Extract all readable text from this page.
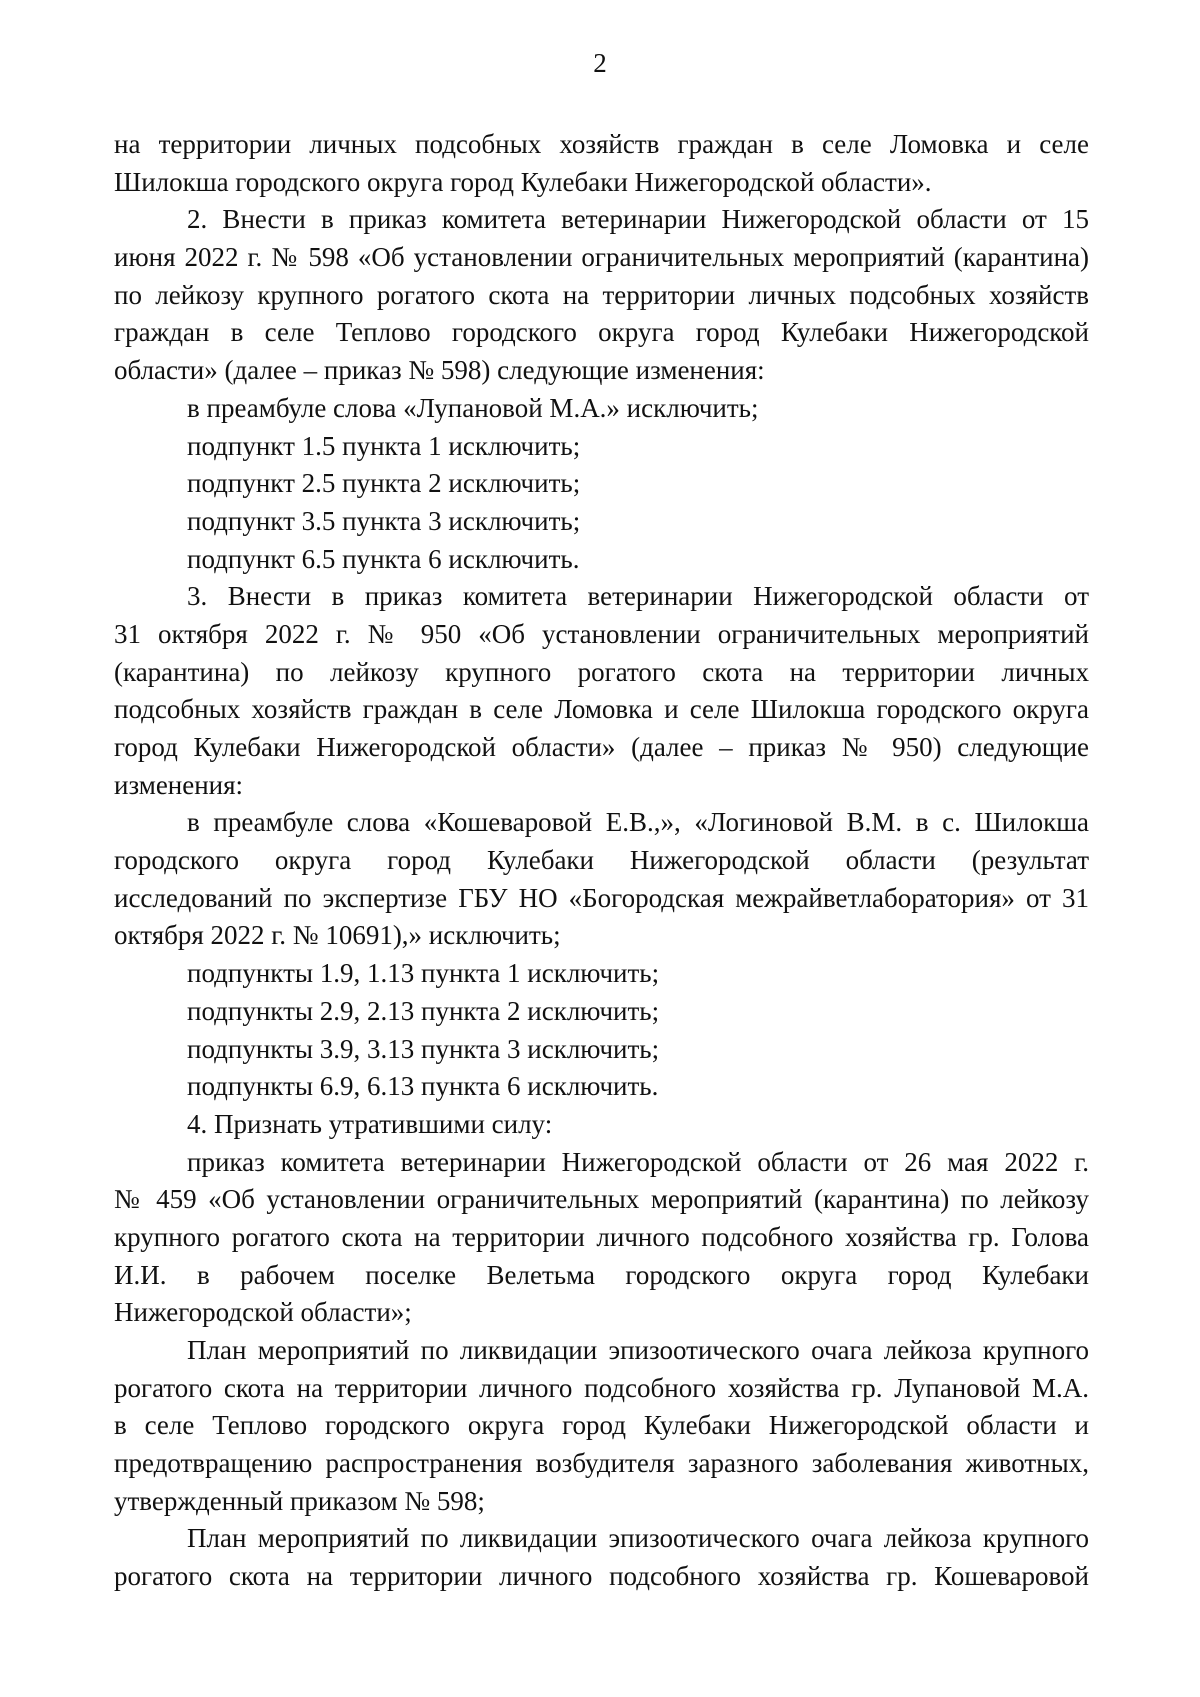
2
на территории личных подсобных хозяйств граждан в селе Ломовка и селе
Шилокша городского округа город Кулебаки Нижегородской области».
2. Внести в приказ комитета ветеринарии Нижегородской области от 15
июня 2022 г. № 598 «Об установлении ограничительных мероприятий (карантина)
по лейкозу крупного рогатого скота на территории личных подсобных хозяйств
граждан в селе Теплово городского округа город Кулебаки Нижегородской
области» (далее – приказ № 598) следующие изменения:
в преамбуле слова «Лупановой М.А.» исключить;
подпункт 1.5 пункта 1 исключить;
подпункт 2.5 пункта 2 исключить;
подпункт 3.5 пункта 3 исключить;
подпункт 6.5 пункта 6 исключить.
3. Внести в приказ комитета ветеринарии Нижегородской области от
31 октября 2022 г. № 950 «Об установлении ограничительных мероприятий
(карантина) по лейкозу крупного рогатого скота на территории личных
подсобных хозяйств граждан в селе Ломовка и селе Шилокша городского округа
город Кулебаки Нижегородской области» (далее – приказ № 950) следующие
изменения:
в преамбуле слова «Кошеваровой Е.В.,», «Логиновой В.М. в с. Шилокша
городского округа город Кулебаки Нижегородской области (результат
исследований по экспертизе ГБУ НО «Богородская межрайветлаборатория» от 31
октября 2022 г. № 10691),» исключить;
подпункты 1.9, 1.13 пункта 1 исключить;
подпункты 2.9, 2.13 пункта 2 исключить;
подпункты 3.9, 3.13 пункта 3 исключить;
подпункты 6.9, 6.13 пункта 6 исключить.
4. Признать утратившими силу:
приказ комитета ветеринарии Нижегородской области от 26 мая 2022 г.
№ 459 «Об установлении ограничительных мероприятий (карантина) по лейкозу
крупного рогатого скота на территории личного подсобного хозяйства гр. Голова
И.И. в рабочем поселке Велетьма городского округа город Кулебаки
Нижегородской области»;
План мероприятий по ликвидации эпизоотического очага лейкоза крупного
рогатого скота на территории личного подсобного хозяйства гр. Лупановой М.А.
в селе Теплово городского округа город Кулебаки Нижегородской области и
предотвращению распространения возбудителя заразного заболевания животных,
утвержденный приказом № 598;
План мероприятий по ликвидации эпизоотического очага лейкоза крупного
рогатого скота на территории личного подсобного хозяйства гр. Кошеваровой
